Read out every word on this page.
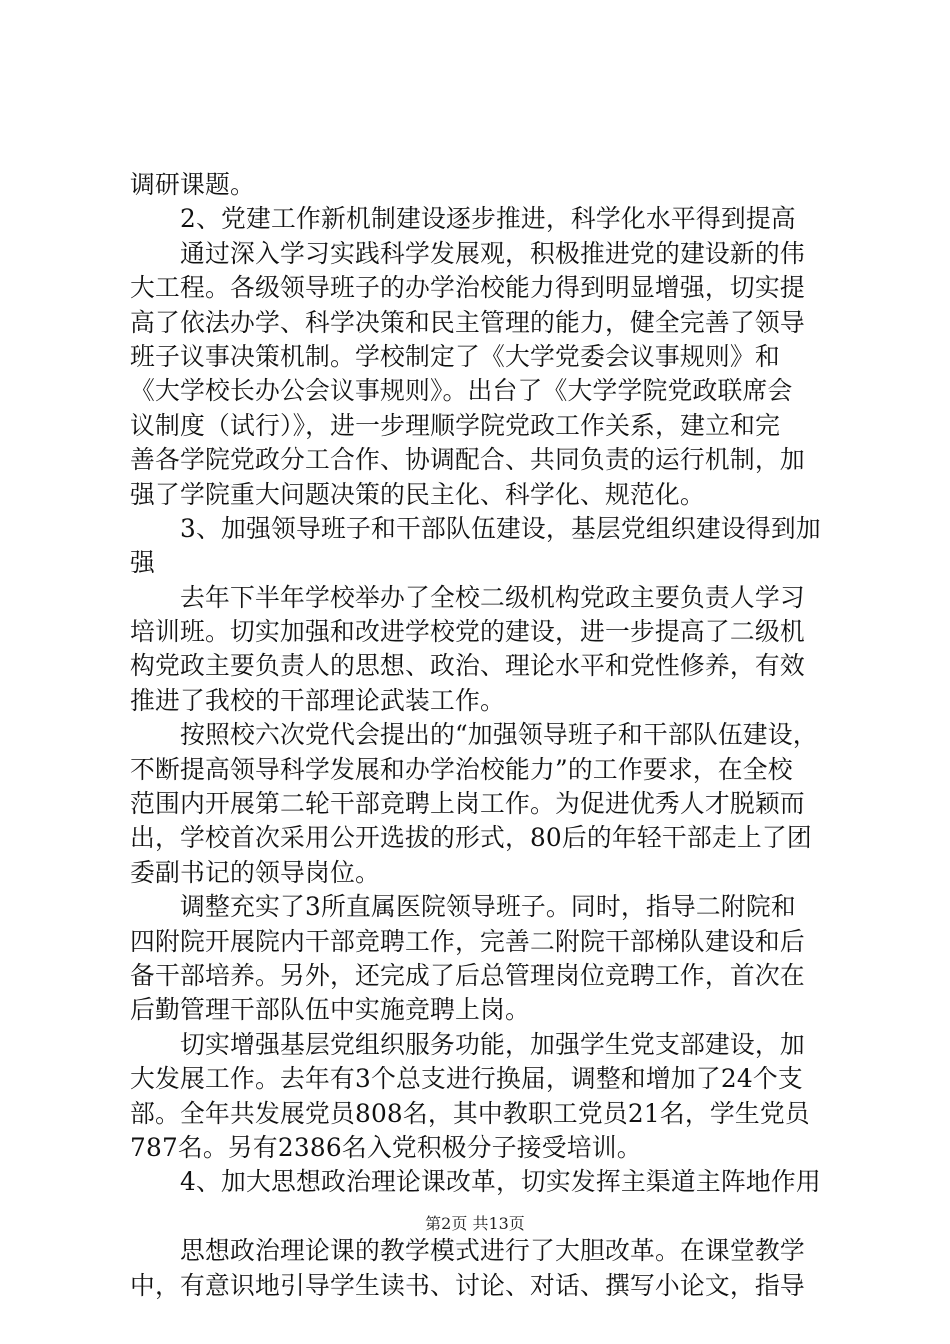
调研课题。
2、党建工作新机制建设逐步推进，科学化水平得到提高
通过深入学习实践科学发展观，积极推进党的建设新的伟
大工程。各级领导班子的办学治校能力得到明显增强，切实提
高了依法办学、科学决策和民主管理的能力，健全完善了领导
班子议事决策机制。学校制定了《大学党委会议事规则》和
《大学校长办公会议事规则》。出台了《大学学院党政联席会
议制度（试行）》，进一步理顺学院党政工作关系，建立和完
善各学院党政分工合作、协调配合、共同负责的运行机制，加
强了学院重大问题决策的民主化、科学化、规范化。
3、加强领导班子和干部队伍建设，基层党组织建设得到加
强
去年下半年学校举办了全校二级机构党政主要负责人学习
培训班。切实加强和改进学校党的建设，进一步提高了二级机
构党政主要负责人的思想、政治、理论水平和党性修养，有效
推进了我校的干部理论武装工作。
按照校六次党代会提出的“加强领导班子和干部队伍建设，
不断提高领导科学发展和办学治校能力”的工作要求，在全校
范围内开展第二轮干部竞聘上岗工作。为促进优秀人才脱颖而
出，学校首次采用公开选拔的形式，80后的年轻干部走上了团
委副书记的领导岗位。
调整充实了3所直属医院领导班子。同时，指导二附院和
四附院开展院内干部竞聘工作，完善二附院干部梯队建设和后
备干部培养。另外，还完成了后总管理岗位竞聘工作，首次在
后勤管理干部队伍中实施竞聘上岗。
切实增强基层党组织服务功能，加强学生党支部建设，加
大发展工作。去年有3个总支进行换届，调整和增加了24个支
部。全年共发展党员808名，其中教职工党员21名，学生党员
787名。另有2386名入党积极分子接受培训。
4、加大思想政治理论课改革，切实发挥主渠道主阵地作用
思想政治理论课的教学模式进行了大胆改革。在课堂教学
中，有意识地引导学生读书、讨论、对话、撰写小论文，指导
第2页 共13页
